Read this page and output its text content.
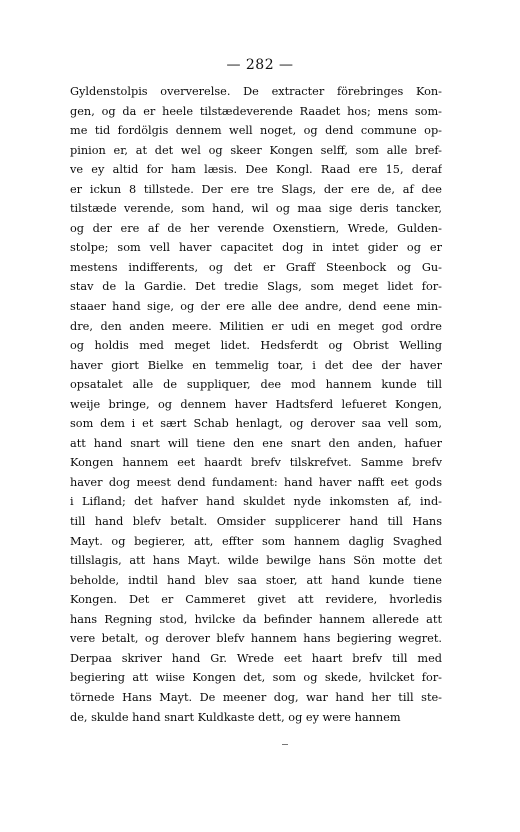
— 282 —
Gyldenstolpis oververelse. De extracter förebringes Kon-
gen, og da er heele tilstædeverende Raadet hos; mens som-
me tid fordölgis dennem well noget, og dend commune op-
pinion er, at det wel og skeer Kongen selff, som alle bref-
ve ey altid for ham læsis. Dee Kongl. Raad ere 15, deraf
er ickun 8 tillstede. Der ere tre Slags, der ere de, af dee
tilstæde verende, som hand, wil og maa sige deris tancker,
og der ere af de her verende Oxenstiern, Wrede, Gulden-
stolpe; som vell haver capacitet dog in intet gider og er
mestens indifferents, og det er Graff Steenbock og Gu-
stav de la Gardie. Det tredie Slags, som meget lidet for-
staaer hand sige, og der ere alle dee andre, dend eene min-
dre, den anden meere. Militien er udi en meget god ordre
og holdis med meget lidet. Hedsferdt og Obrist Welling
haver giort Bielke en temmelig toar, i det dee der haver
opsatalet alle de suppliquer, dee mod hannem kunde till
weije bringe, og dennem haver Hadtsferd lefueret Kongen,
som dem i et sært Schab henlagt, og derover saa vell som,
att hand snart will tiene den ene snart den anden, hafuer
Kongen hannem eet haardt brefv tilskrefvet. Samme brefv
haver dog meest dend fundament: hand haver nafft eet gods
i Lifland; det hafver hand skuldet nyde inkomsten af, ind-
till hand blefv betalt. Omsider supplicerer hand till Hans
Mayt. og begierer, att, effter som hannem daglig Svaghed
tillslagis, att hans Mayt. wilde bewilge hans Sön motte det
beholde, indtil hand blev saa stoer, att hand kunde tiene
Kongen. Det er Cammeret givet att revidere, hvorledis
hans Regning stod, hvilcke da befinder hannem allerede att
vere betalt, og derover blefv hannem hans begiering wegret.
Derpaa skriver hand Gr. Wrede eet haart brefv till med
begiering att wiise Kongen det, som og skede, hvilcket for-
törnede Hans Mayt. De meener dog, war hand her till ste-
de, skulde hand snart Kuldkaste dett, og ey were hannem
